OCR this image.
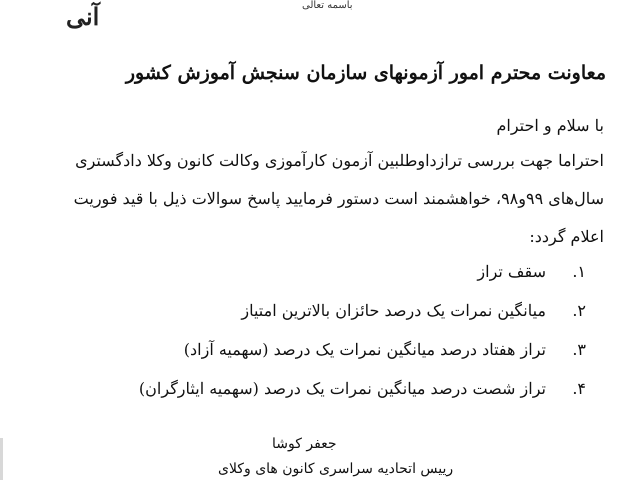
آنی	باسمه تعالی
معاونت محترم امور آزمونهای سازمان سنجش آموزش کشور
با سلام و احترام
احتراما جهت بررسی ترازداوطلبین آزمون کارآموزی وکالت کانون وکلا دادگستری
سال‌های ۹۹و۹۸، خواهشمند است دستور فرمایید پاسخ سوالات ذیل با قید فوریت
اعلام گردد:
۱.سقف تراز
۲.میانگین نمرات یک درصد حائزان بالاترین امتیاز
۳.تراز هفتاد درصد میانگین نمرات یک درصد (سهمیه آزاد)
۴.تراز شصت درصد میانگین نمرات یک درصد (سهمیه ایثارگران)
جعفر کوشا
رییس اتحادیه سراسری کانون های وکلای
